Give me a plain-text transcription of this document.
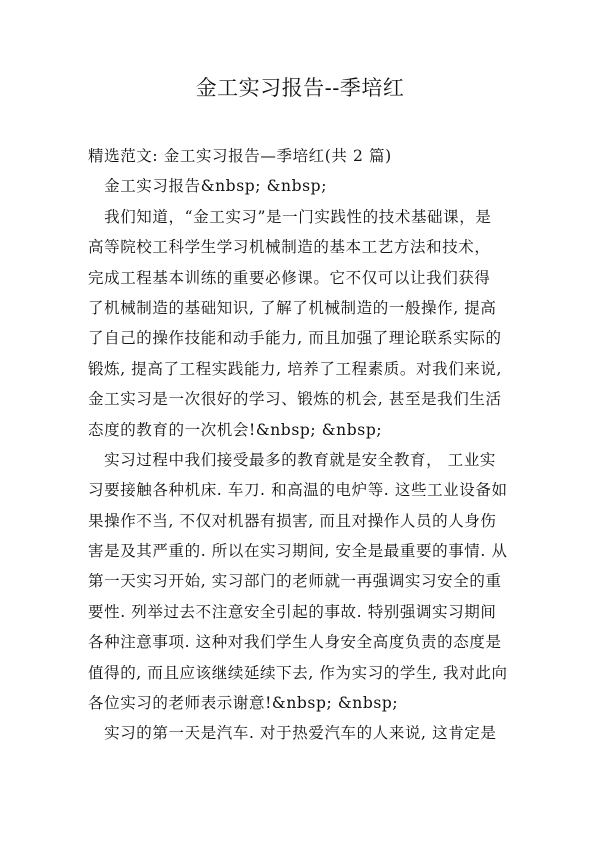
金工实习报告--季培红
精选范文: 金工实习报告—季培红(共 2 篇)
　金工实习报告&nbsp; &nbsp;
　我们知道，“金工实习”是一门实践性的技术基础课，是
高等院校工科学生学习机械制造的基本工艺方法和技术，
完成工程基本训练的重要必修课。它不仅可以让我们获得
了机械制造的基础知识, 了解了机械制造的一般操作, 提高
了自己的操作技能和动手能力, 而且加强了理论联系实际的
锻炼, 提高了工程实践能力, 培养了工程素质。对我们来说,
金工实习是一次很好的学习、锻炼的机会, 甚至是我们生活
态度的教育的一次机会!&nbsp; &nbsp;
　实习过程中我们接受最多的教育就是安全教育， 工业实
习要接触各种机床. 车刀. 和高温的电炉等. 这些工业设备如
果操作不当, 不仅对机器有损害, 而且对操作人员的人身伤
害是及其严重的. 所以在实习期间, 安全是最重要的事情. 从
第一天实习开始, 实习部门的老师就一再强调实习安全的重
要性. 列举过去不注意安全引起的事故. 特别强调实习期间
各种注意事项. 这种对我们学生人身安全高度负责的态度是
值得的, 而且应该继续延续下去, 作为实习的学生, 我对此向
各位实习的老师表示谢意!&nbsp; &nbsp;
　实习的第一天是汽车. 对于热爱汽车的人来说, 这肯定是
